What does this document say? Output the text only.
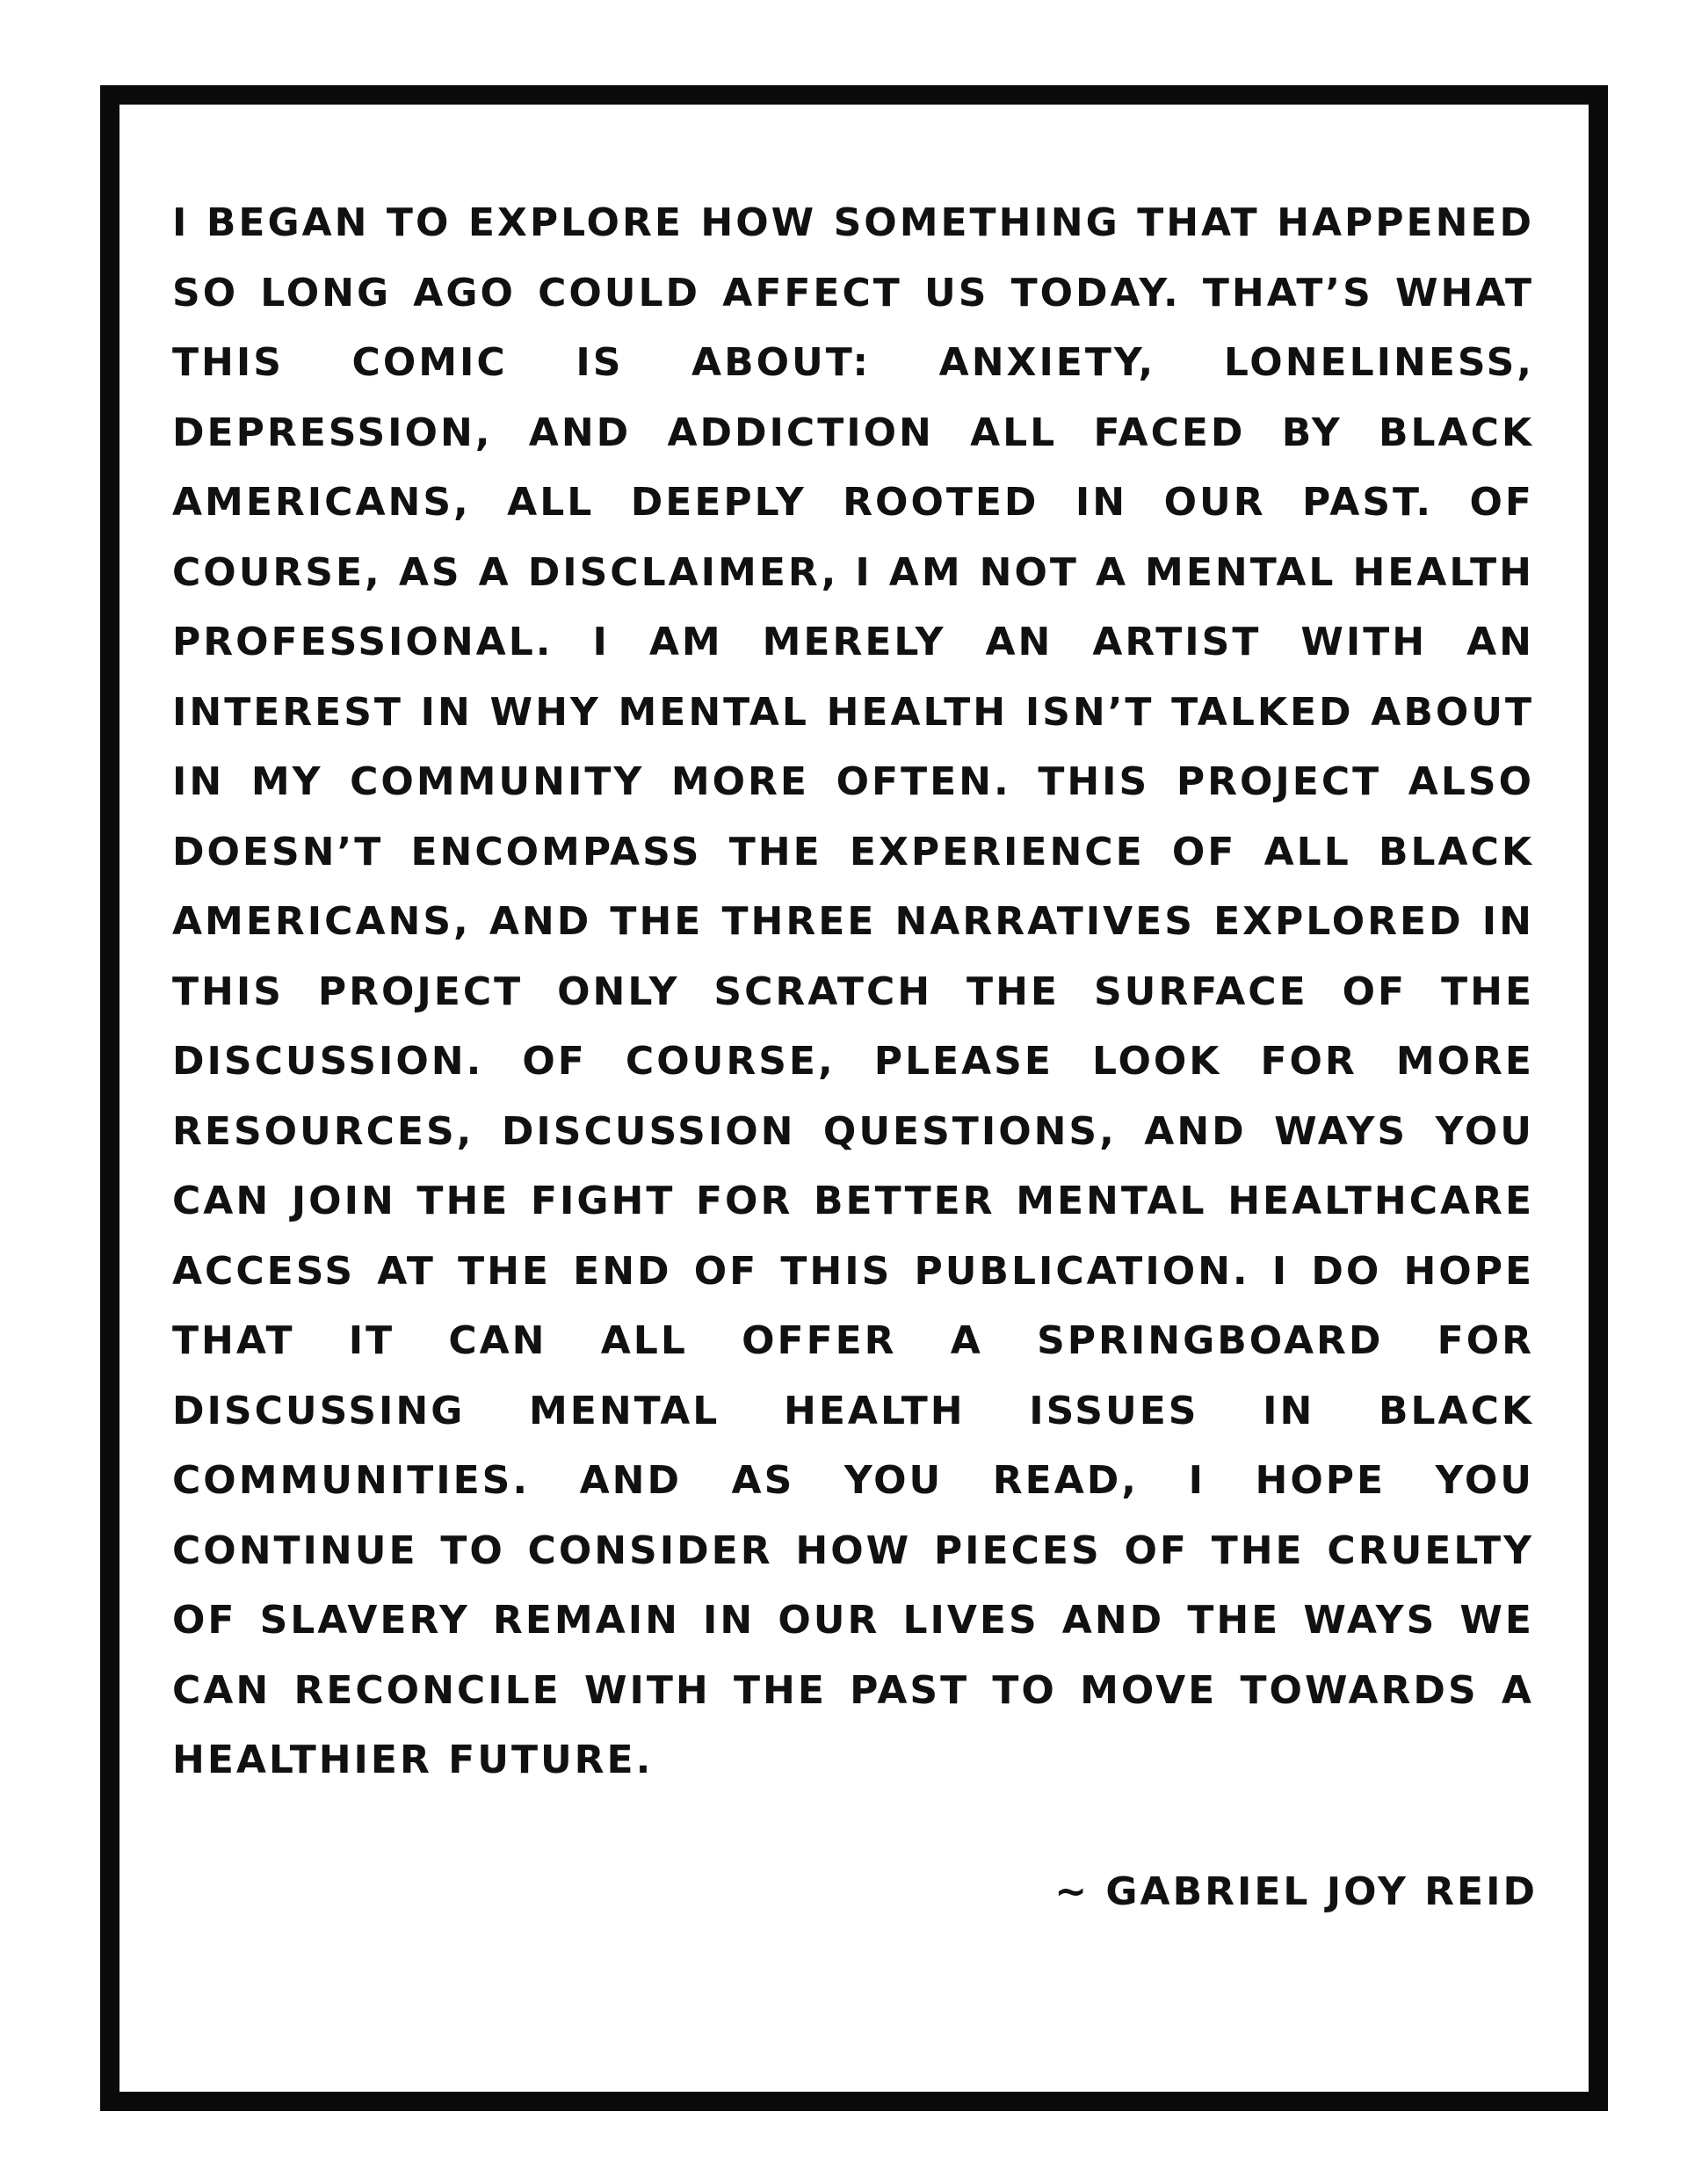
I BEGAN TO EXPLORE HOW SOMETHING THAT HAPPENED SO LONG AGO COULD AFFECT US TODAY. THAT’S WHAT THIS COMIC IS ABOUT: ANXIETY, LONELINESS, DEPRESSION, AND ADDICTION ALL FACED BY BLACK AMERICANS, ALL DEEPLY ROOTED IN OUR PAST. OF COURSE, AS A DISCLAIMER, I AM NOT A MENTAL HEALTH PROFESSIONAL. I AM MERELY AN ARTIST WITH AN INTEREST IN WHY MENTAL HEALTH ISN’T TALKED ABOUT IN MY COMMUNITY MORE OFTEN. THIS PROJECT ALSO DOESN’T ENCOMPASS THE EXPERIENCE OF ALL BLACK AMERICANS, AND THE THREE NARRATIVES EXPLORED IN THIS PROJECT ONLY SCRATCH THE SURFACE OF THE DISCUSSION. OF COURSE, PLEASE LOOK FOR MORE RESOURCES, DISCUSSION QUESTIONS, AND WAYS YOU CAN JOIN THE FIGHT FOR BETTER MENTAL HEALTHCARE ACCESS AT THE END OF THIS PUBLICATION. I DO HOPE THAT IT CAN ALL OFFER A SPRINGBOARD FOR DISCUSSING MENTAL HEALTH ISSUES IN BLACK COMMUNITIES. AND AS YOU READ, I HOPE YOU CONTINUE TO CONSIDER HOW PIECES OF THE CRUELTY OF SLAVERY REMAIN IN OUR LIVES AND THE WAYS WE CAN RECONCILE WITH THE PAST TO MOVE TOWARDS A HEALTHIER FUTURE.

~ GABRIEL JOY REID
